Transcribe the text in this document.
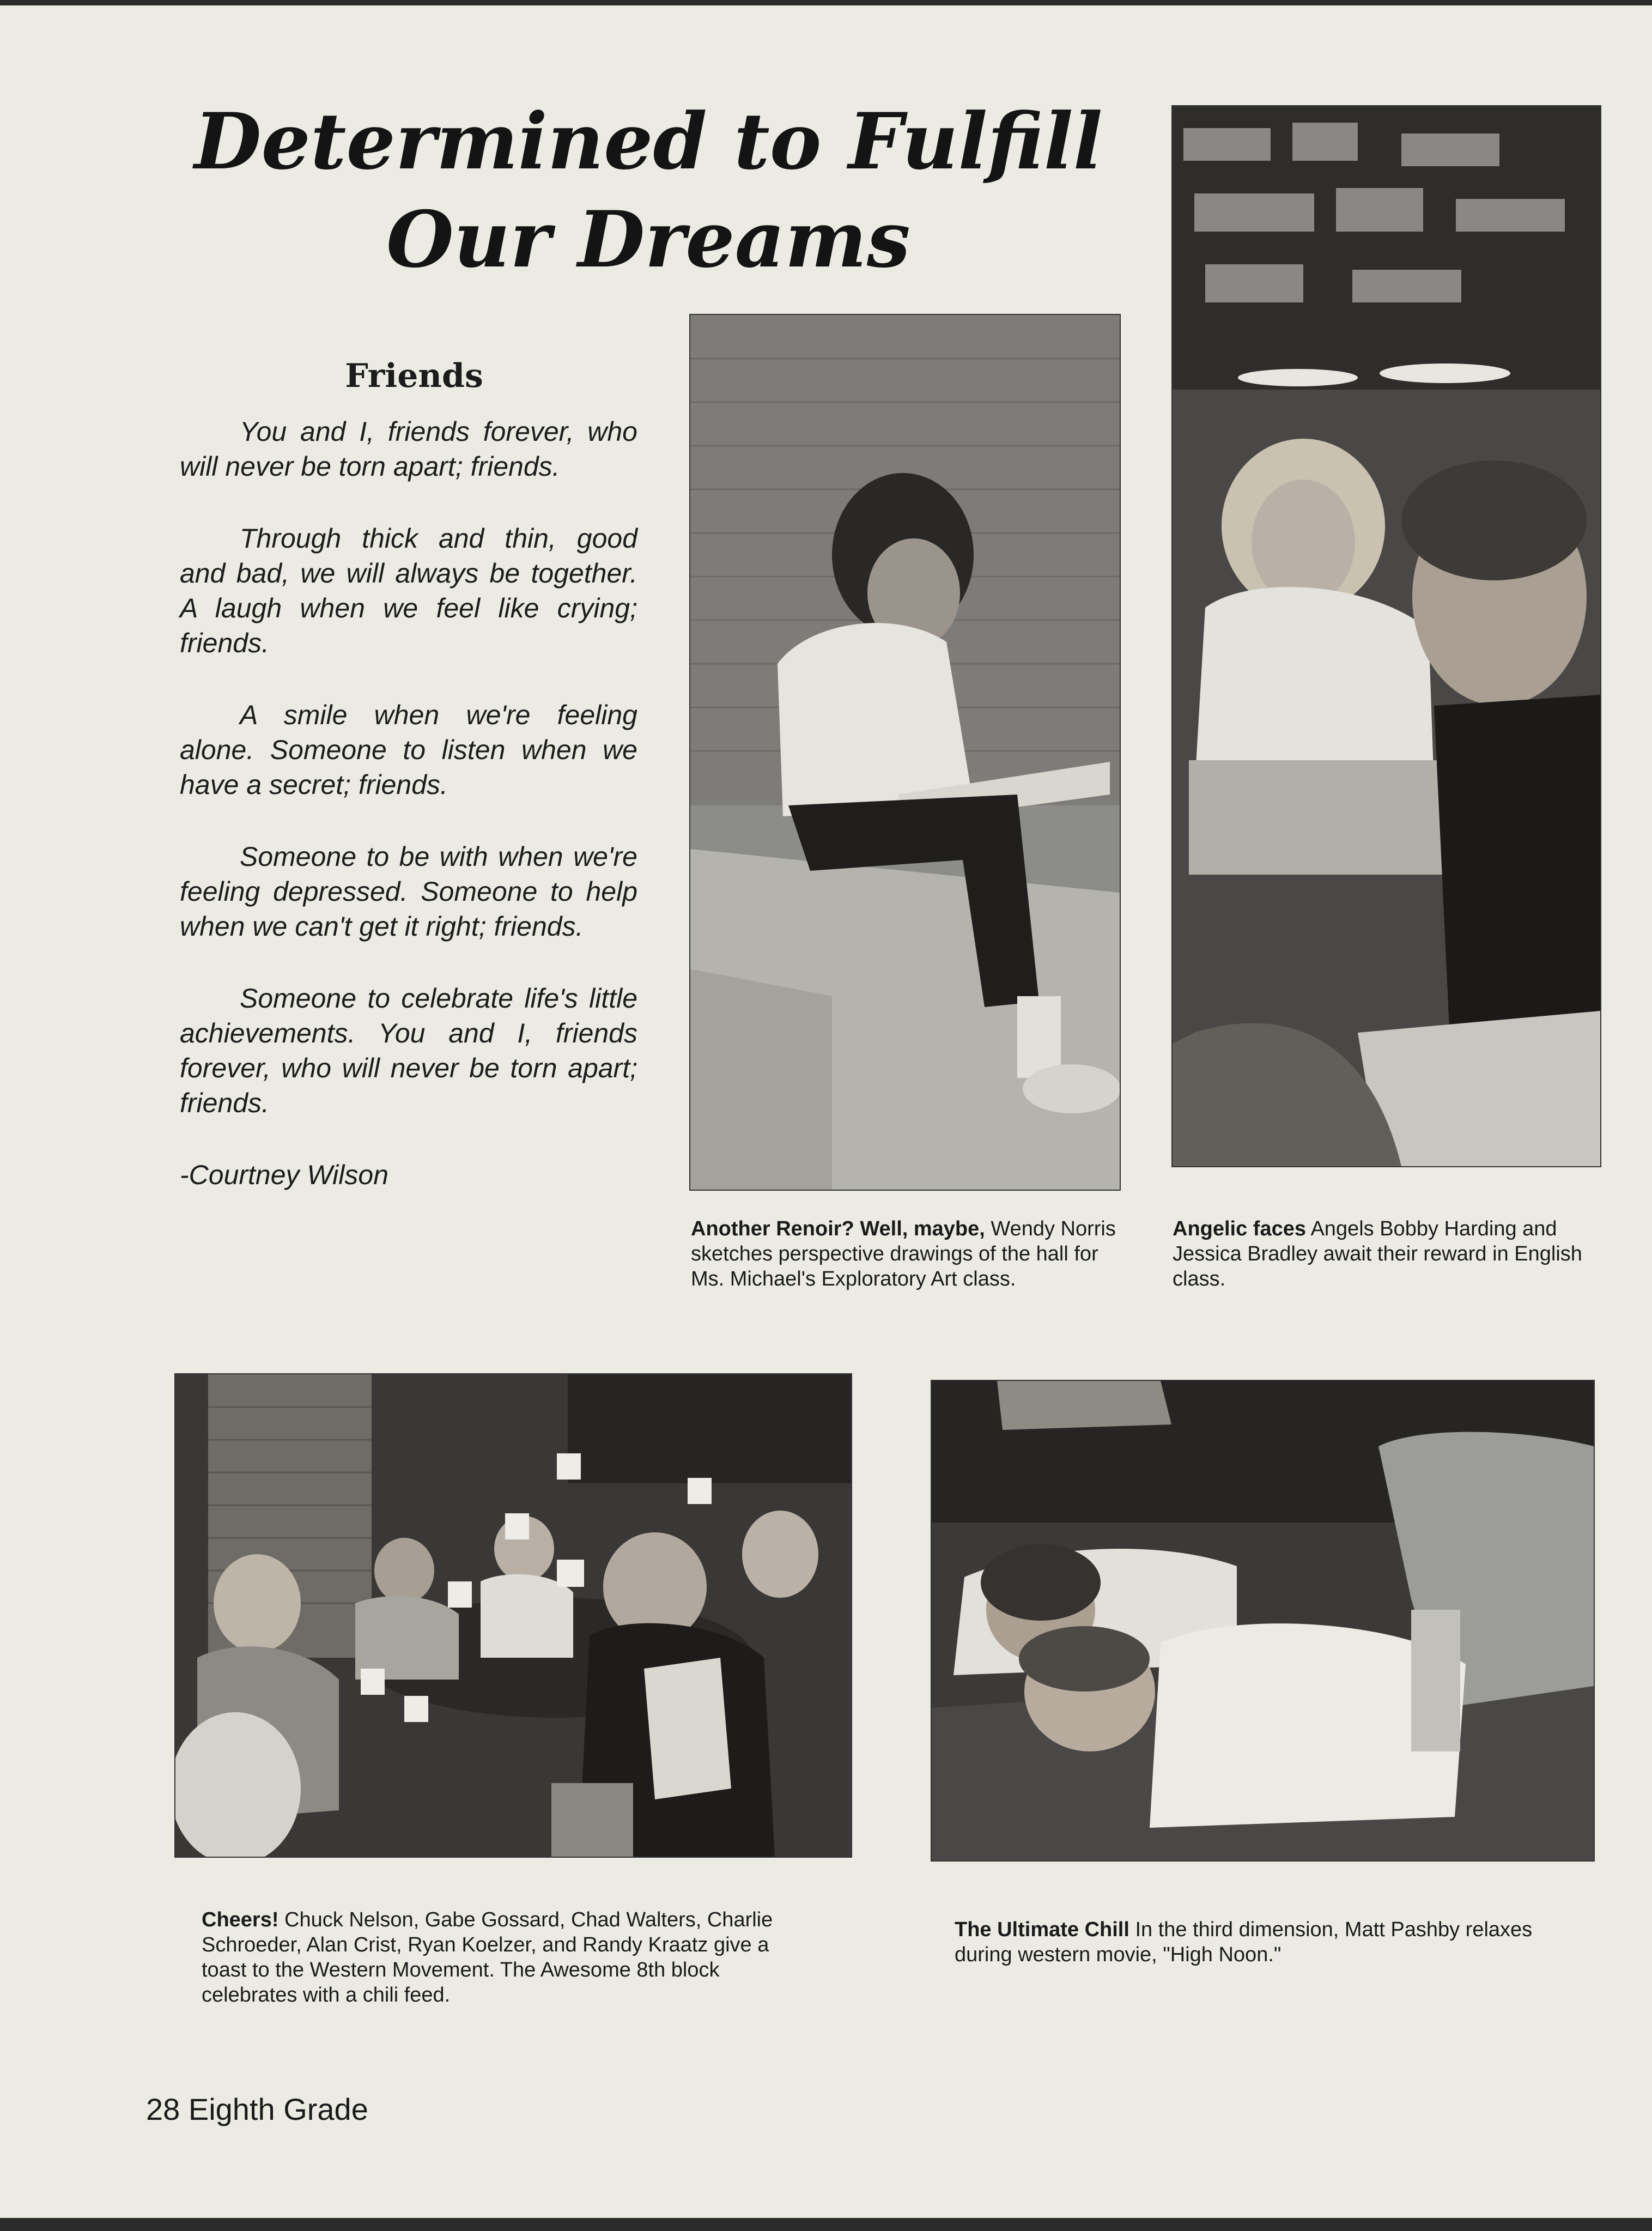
Determined to Fulfill
Our Dreams
Friends

You and I, friends forever, who will never be torn apart; friends.

Through thick and thin, good and bad, we will always be together. A laugh when we feel like crying; friends.

A smile when we're feeling alone. Someone to listen when we have a secret; friends.

Someone to be with when we're feeling depressed. Someone to help when we can't get it right; friends.

Someone to celebrate life's little achievements. You and I, friends forever, who will never be torn apart; friends.

-Courtney Wilson

Another Renoir? Well, maybe, Wendy Norris sketches perspective drawings of the hall for Ms. Michael's Exploratory Art class.

Angelic faces Angels Bobby Harding and Jessica Bradley await their reward in English class.

Cheers! Chuck Nelson, Gabe Gossard, Chad Walters, Charlie Schroeder, Alan Crist, Ryan Koelzer, and Randy Kraatz give a toast to the Western Movement. The Awesome 8th block celebrates with a chili feed.

The Ultimate Chill In the third dimension, Matt Pashby relaxes during western movie, "High Noon."

28 Eighth Grade
